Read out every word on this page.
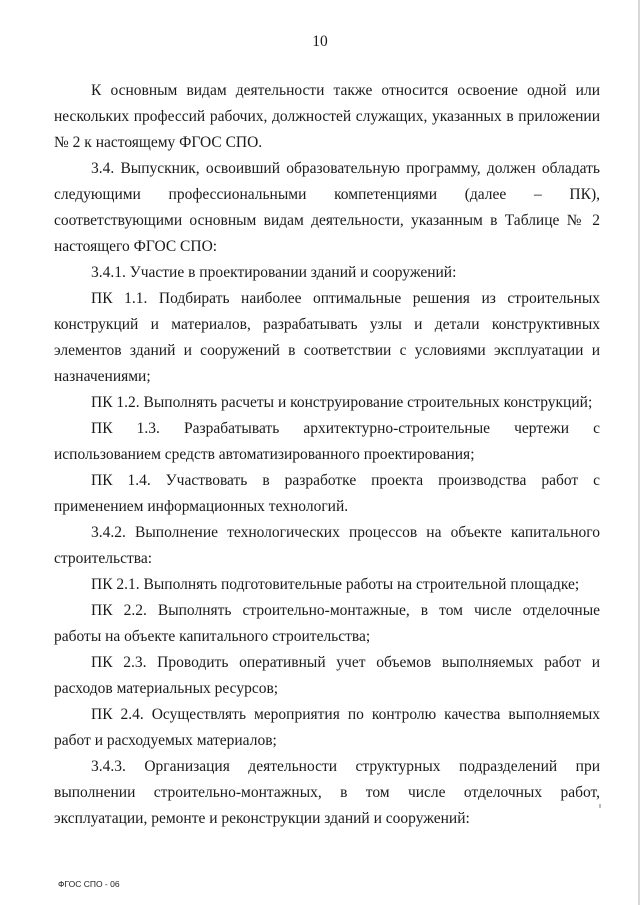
10

К основным видам деятельности также относится освоение одной или нескольких профессий рабочих, должностей служащих, указанных в приложении № 2 к настоящему ФГОС СПО.

3.4. Выпускник, освоивший образовательную программу, должен обладать следующими профессиональными компетенциями (далее – ПК), соответствующими основным видам деятельности, указанным в Таблице № 2 настоящего ФГОС СПО:

3.4.1. Участие в проектировании зданий и сооружений:

ПК 1.1. Подбирать наиболее оптимальные решения из строительных конструкций и материалов, разрабатывать узлы и детали конструктивных элементов зданий и сооружений в соответствии с условиями эксплуатации и назначениями;

ПК 1.2. Выполнять расчеты и конструирование строительных конструкций;

ПК 1.3. Разрабатывать архитектурно-строительные чертежи с использованием средств автоматизированного проектирования;

ПК 1.4. Участвовать в разработке проекта производства работ с применением информационных технологий.

3.4.2. Выполнение технологических процессов на объекте капитального строительства:

ПК 2.1. Выполнять подготовительные работы на строительной площадке;

ПК 2.2. Выполнять строительно-монтажные, в том числе отделочные работы на объекте капитального строительства;

ПК 2.3. Проводить оперативный учет объемов выполняемых работ и расходов материальных ресурсов;

ПК 2.4. Осуществлять мероприятия по контролю качества выполняемых работ и расходуемых материалов;

3.4.3. Организация деятельности структурных подразделений при выполнении строительно-монтажных, в том числе отделочных работ, эксплуатации, ремонте и реконструкции зданий и сооружений:

ФГОС СПО - 06
